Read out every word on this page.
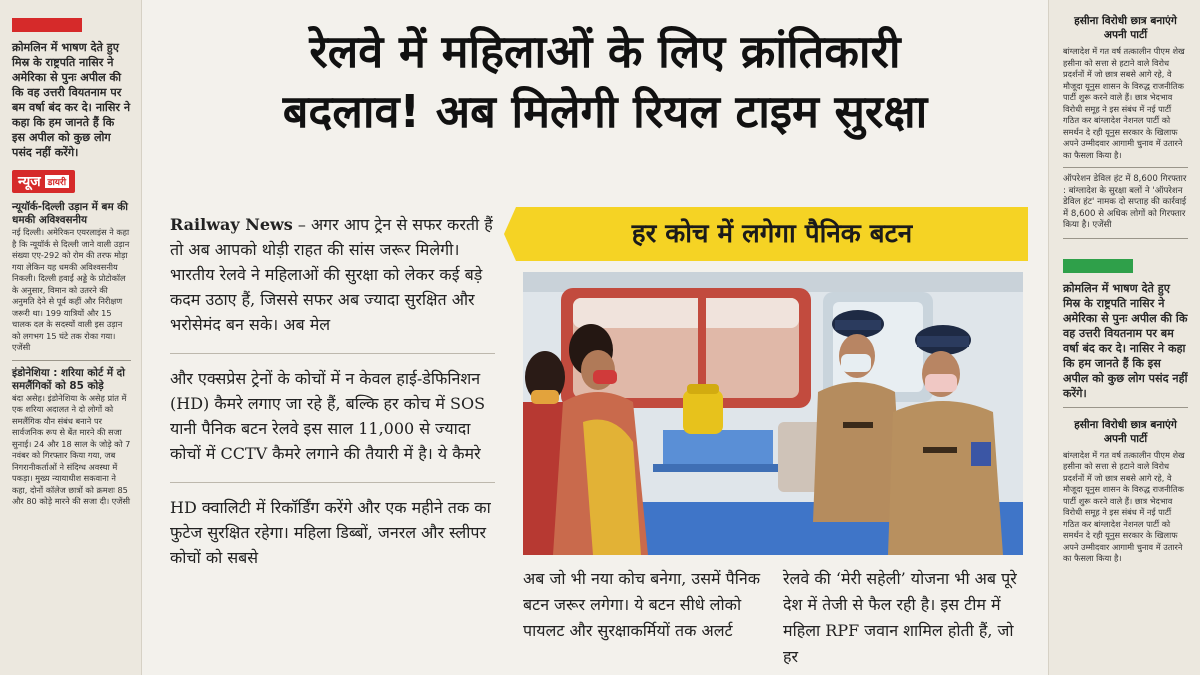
क्रोमलिन में भाषण देते हुए मिस्र के राष्ट्रपति नासिर ने अमेरिका से पुनः अपील की कि वह उत्तरी वियतनाम पर बम वर्षा बंद कर दे। नासिर ने कहा कि हम जानते हैं कि इस अपील को कुछ लोग पसंद नहीं करेंगे।
न्यूज डायरी
न्यूयॉर्क-दिल्ली उड़ान में बम की धमकी अविश्वसनीय
नई दिल्ली। अमेरिकन एयरलाइंस ने कहा है कि न्यूयॉर्क से दिल्ली जाने वाली उड़ान संख्या एए-292 को रोम की तरफ मोड़ा गया लेकिन यह धमकी अविश्वसनीय निकली। दिल्ली हवाई अड्डे के प्रोटोकॉल के अनुसार, विमान को उतरने की अनुमति देने से पूर्व कहीं और निरीक्षण जरूरी था। 199 यात्रियों और 15 चालक दल के सदस्यों वाली इस उड़ान को लगभग 15 घंटे तक रोका गया। एजेंसी
इंडोनेशिया : शरिया कोर्ट में दो समलैंगिकों को 85 कोड़े
बंदा असेह। इंडोनेशिया के असेह प्रांत में एक शरिया अदालत ने दो लोगों को समलैंगिक यौन संबंध बनाने पर सार्वजनिक रूप से बेंत मारने की सजा सुनाई। 24 और 18 साल के जोड़े को 7 नवंबर को गिरफ्तार किया गया, जब निगरानीकर्ताओं ने संदिग्ध अवस्था में पकड़ा। मुख्य न्यायाधीश सकवाना ने कहा, दोनों कॉलेज छात्रों को क्रमशः 85 और 80 कोड़े मारने की सजा दी। एजेंसी
हसीना विरोधी छात्र बनाएंगे अपनी पार्टी
बांग्लादेश में गत वर्ष तत्कालीन पीएम शेख हसीना को सत्ता से हटाने वाले विरोध प्रदर्शनों में जो छात्र सबसे आगे रहे, वे मौजूदा यूनुस शासन के विरुद्ध राजनीतिक पार्टी शुरू करने वाले हैं। छात्र भेदभाव विरोधी समूह ने इस संबंध में नई पार्टी गठित कर बांग्लादेश नेशनल पार्टी को समर्थन दे रही यूनुस सरकार के खिलाफ अपने उम्मीदवार आगामी चुनाव में उतारने का फैसला किया है।
ऑपरेशन डेविल हंट में 8,600 गिरफ्तार : बांग्लादेश के सुरक्षा बलों ने 'ऑपरेशन डेविल हंट' नामक दो सप्ताह की कार्रवाई में 8,600 से अधिक लोगों को गिरफ्तार किया है। एजेंसी
क्रोमलिन में भाषण देते हुए मिस्र के राष्ट्रपति नासिर ने अमेरिका से पुनः अपील की कि वह उत्तरी वियतनाम पर बम वर्षा बंद कर दे। नासिर ने कहा कि हम जानते हैं कि इस अपील को कुछ लोग पसंद नहीं करेंगे।
हसीना विरोधी छात्र बनाएंगे अपनी पार्टी
बांग्लादेश में गत वर्ष तत्कालीन पीएम शेख हसीना को सत्ता से हटाने वाले विरोध प्रदर्शनों में जो छात्र सबसे आगे रहे, वे मौजूदा यूनुस शासन के विरुद्ध राजनीतिक पार्टी शुरू करने वाले हैं। छात्र भेदभाव विरोधी समूह ने इस संबंध में नई पार्टी गठित कर बांग्लादेश नेशनल पार्टी को समर्थन दे रही यूनुस सरकार के खिलाफ अपने उम्मीदवार आगामी चुनाव में उतारने का फैसला किया है।
रेलवे में महिलाओं के लिए क्रांतिकारी
बदलाव! अब मिलेगी रियल टाइम सुरक्षा
Railway News – अगर आप ट्रेन से सफर करती हैं तो अब आपको थोड़ी राहत की सांस जरूर मिलेगी। भारतीय रेलवे ने महिलाओं की सुरक्षा को लेकर कई बड़े कदम उठाए हैं, जिससे सफर अब ज्यादा सुरक्षित और भरोसेमंद बन सके। अब मेल
और एक्सप्रेस ट्रेनों के कोचों में न केवल हाई-डेफिनिशन (HD) कैमरे लगाए जा रहे हैं, बल्कि हर कोच में SOS यानी पैनिक बटन रेलवे इस साल 11,000 से ज्यादा कोचों में CCTV कैमरे लगाने की तैयारी में है। ये कैमरे
HD क्वालिटी में रिकॉर्डिंग करेंगे और एक महीने तक का फुटेज सुरक्षित रहेगा। महिला डिब्बों, जनरल और स्लीपर कोचों को सबसे
हर कोच में लगेगा पैनिक बटन
अब जो भी नया कोच बनेगा, उसमें पैनिक बटन जरूर लगेगा। ये बटन सीधे लोको पायलट और सुरक्षाकर्मियों तक अलर्ट
रेलवे की ‘मेरी सहेली’ योजना भी अब पूरे देश में तेजी से फैल रही है। इस टीम में महिला RPF जवान शामिल होती हैं, जो हर
